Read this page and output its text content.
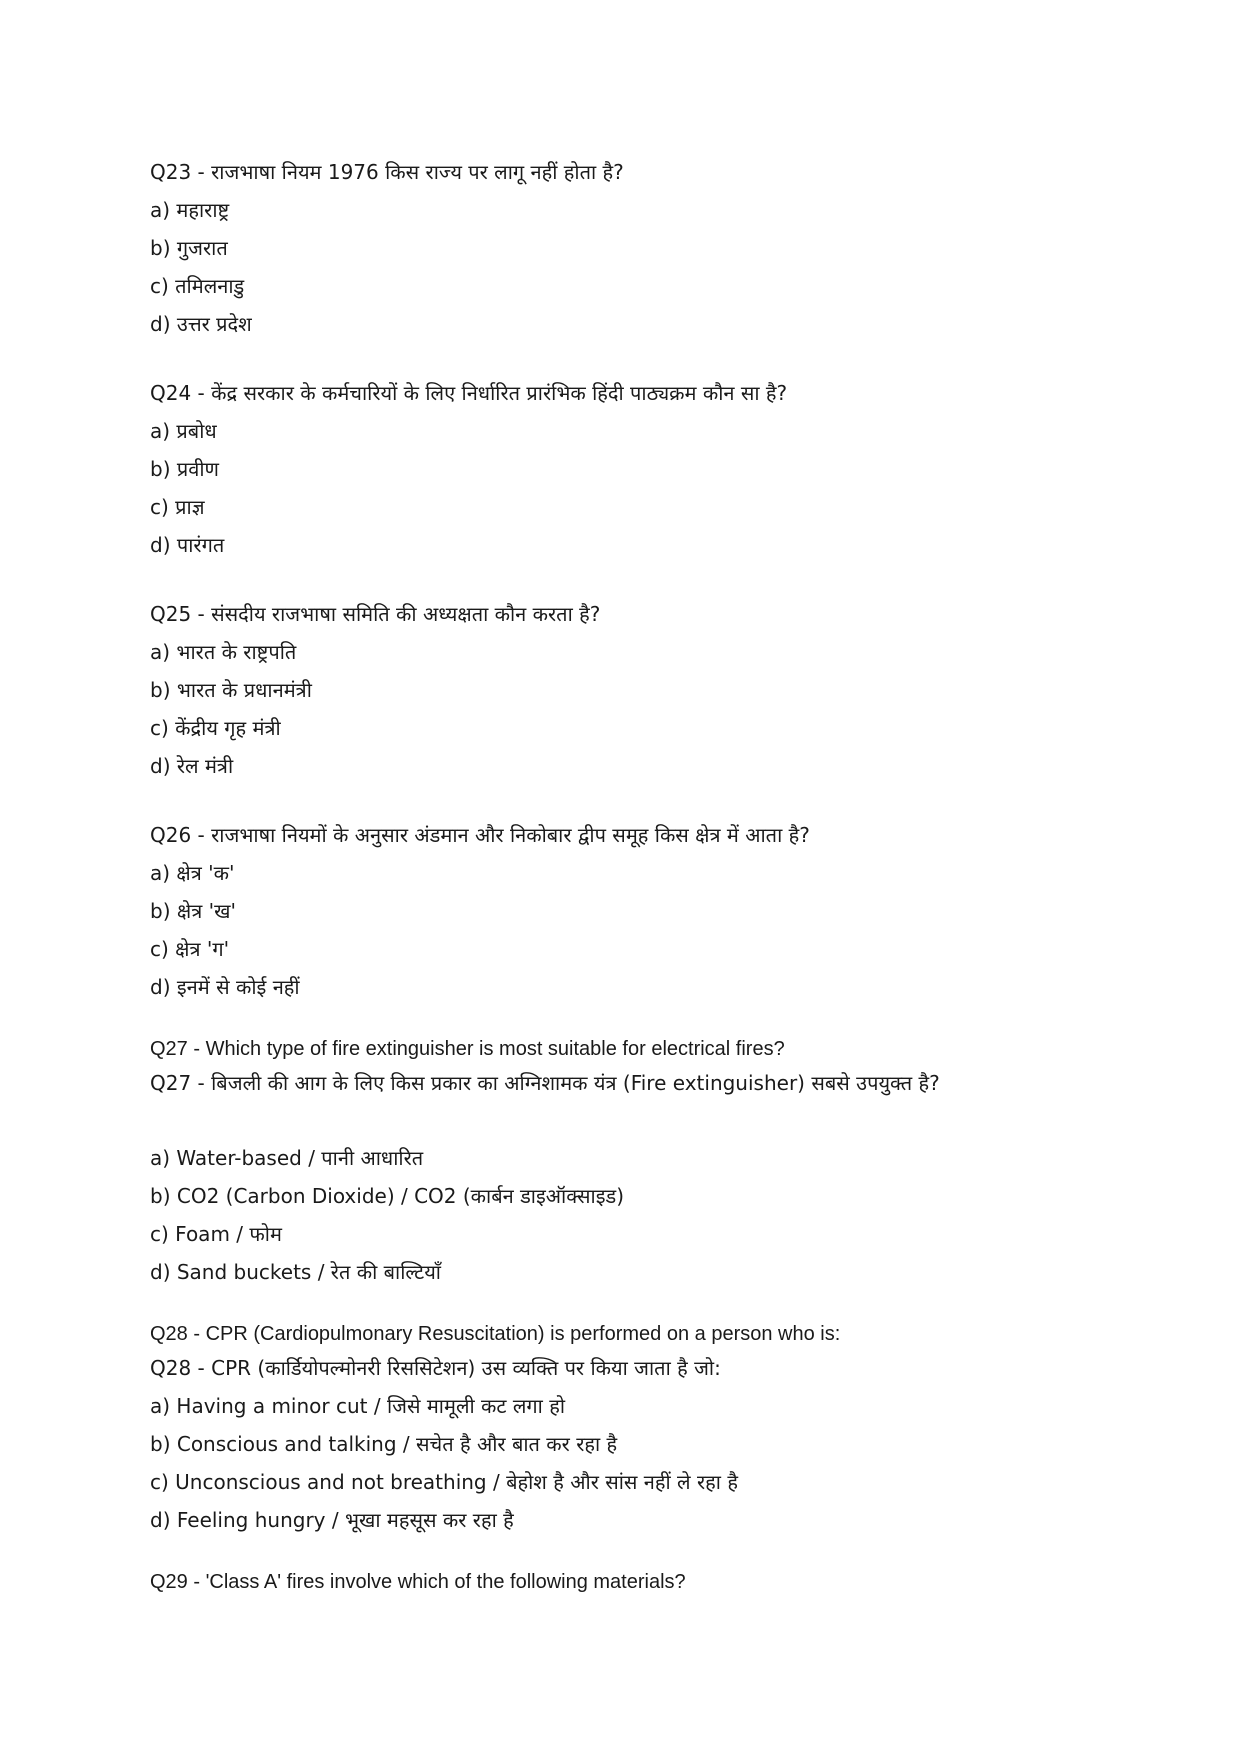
Q23 - राजभाषा नियम 1976 किस राज्य पर लागू नहीं होता है?
a) महाराष्ट्र
b) गुजरात
c) तमिलनाडु
d) उत्तर प्रदेश
Q24 - केंद्र सरकार के कर्मचारियों के लिए निर्धारित प्रारंभिक हिंदी पाठ्यक्रम कौन सा है?
a) प्रबोध
b) प्रवीण
c) प्राज्ञ
d) पारंगत
Q25 - संसदीय राजभाषा समिति की अध्यक्षता कौन करता है?
a) भारत के राष्ट्रपति
b) भारत के प्रधानमंत्री
c) केंद्रीय गृह मंत्री
d) रेल मंत्री
Q26 - राजभाषा नियमों के अनुसार अंडमान और निकोबार द्वीप समूह किस क्षेत्र में आता है?
a) क्षेत्र 'क'
b) क्षेत्र 'ख'
c) क्षेत्र 'ग'
d) इनमें से कोई नहीं
Q27 - Which type of fire extinguisher is most suitable for electrical fires?
Q27 - बिजली की आग के लिए किस प्रकार का अग्निशामक यंत्र (Fire extinguisher) सबसे उपयुक्त है?
a) Water-based / पानी आधारित
b) CO2 (Carbon Dioxide) / CO2 (कार्बन डाइऑक्साइड)
c) Foam / फोम
d) Sand buckets / रेत की बाल्टियाँ
Q28 - CPR (Cardiopulmonary Resuscitation) is performed on a person who is:
Q28 - CPR (कार्डियोपल्मोनरी रिससिटेशन) उस व्यक्ति पर किया जाता है जो:
a) Having a minor cut / जिसे मामूली कट लगा हो
b) Conscious and talking / सचेत है और बात कर रहा है
c) Unconscious and not breathing / बेहोश है और सांस नहीं ले रहा है
d) Feeling hungry / भूखा महसूस कर रहा है
Q29 - 'Class A' fires involve which of the following materials?
